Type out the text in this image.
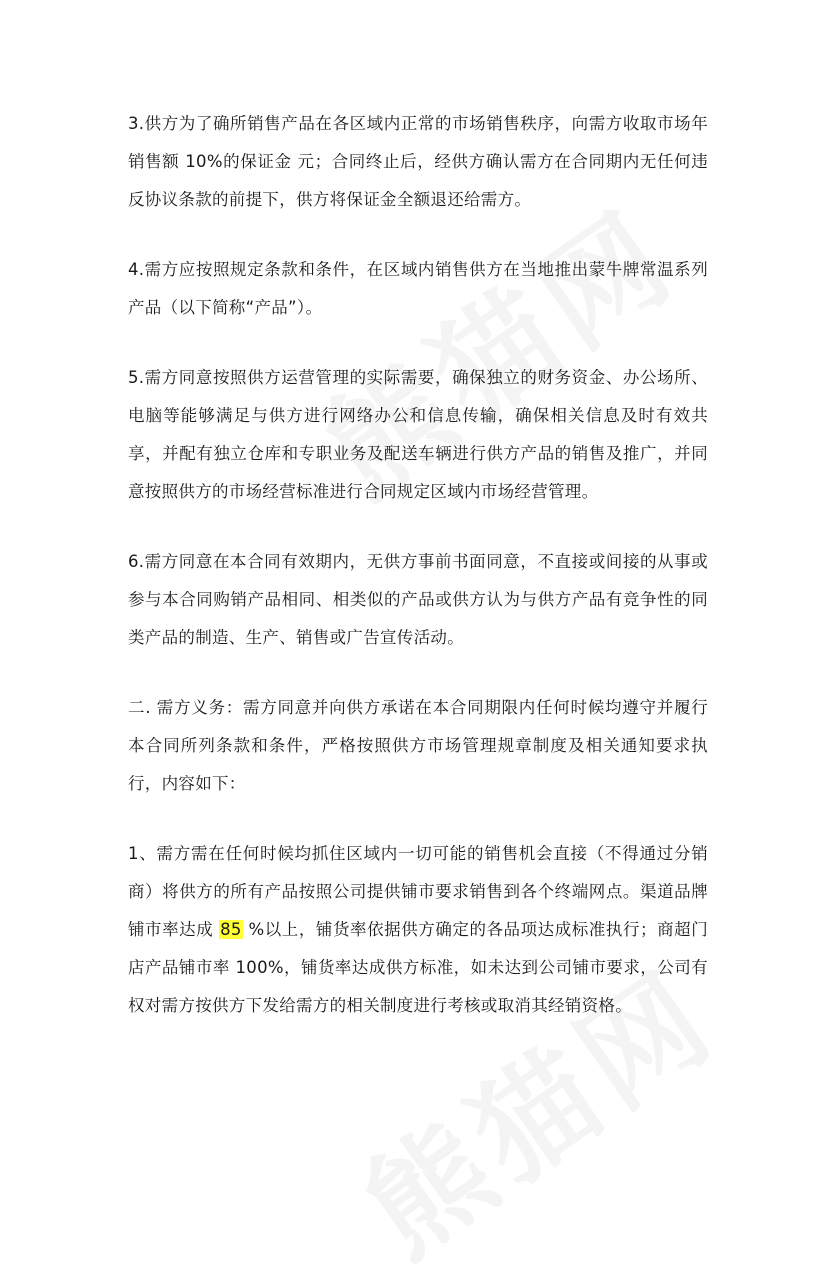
3.供方为了确所销售产品在各区域内正常的市场销售秩序，向需方收取市场年销售额 10%的保证金 元；合同终止后，经供方确认需方在合同期内无任何违反协议条款的前提下，供方将保证金全额退还给需方。

4.需方应按照规定条款和条件，在区域内销售供方在当地推出蒙牛牌常温系列产品（以下简称“产品”）。

5.需方同意按照供方运营管理的实际需要，确保独立的财务资金、办公场所、电脑等能够满足与供方进行网络办公和信息传输，确保相关信息及时有效共享，并配有独立仓库和专职业务及配送车辆进行供方产品的销售及推广，并同意按照供方的市场经营标准进行合同规定区域内市场经营管理。

6.需方同意在本合同有效期内，无供方事前书面同意，不直接或间接的从事或参与本合同购销产品相同、相类似的产品或供方认为与供方产品有竞争性的同类产品的制造、生产、销售或广告宣传活动。

二. 需方义务：需方同意并向供方承诺在本合同期限内任何时候均遵守并履行本合同所列条款和条件，严格按照供方市场管理规章制度及相关通知要求执行，内容如下：

1、需方需在任何时候均抓住区域内一切可能的销售机会直接（不得通过分销商）将供方的所有产品按照公司提供铺市要求销售到各个终端网点。渠道品牌铺市率达成 85 %以上，铺货率依据供方确定的各品项达成标准执行；商超门店产品铺市率 100%，铺货率达成供方标准，如未达到公司铺市要求，公司有权对需方按供方下发给需方的相关制度进行考核或取消其经销资格。
